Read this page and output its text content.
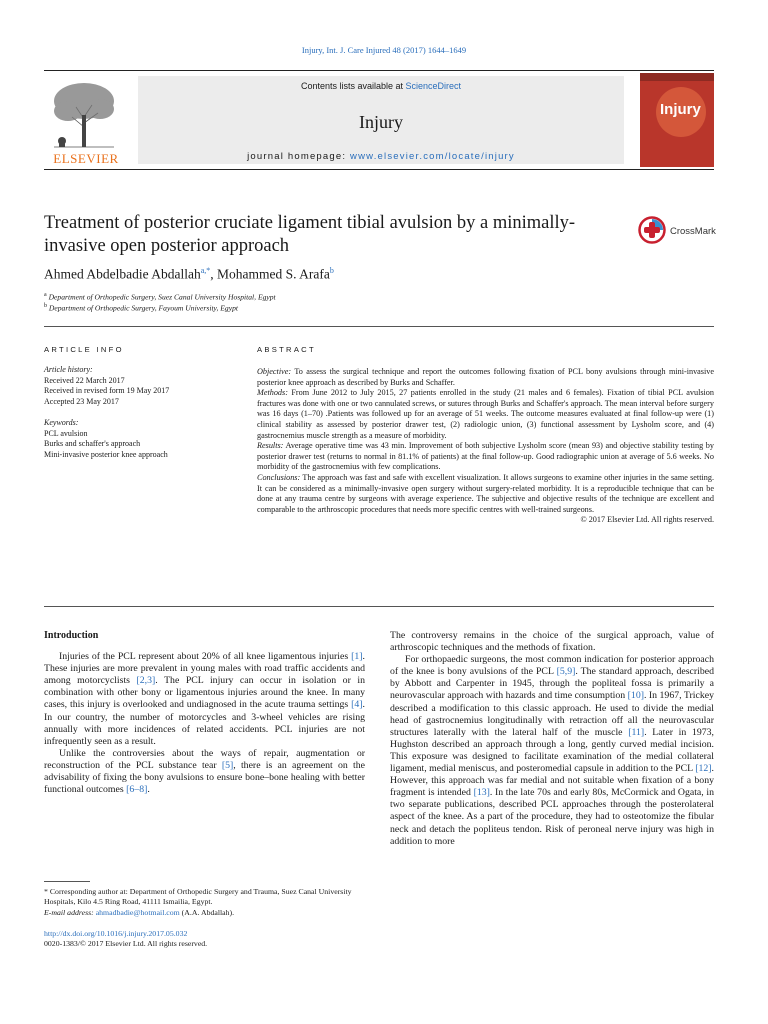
Injury, Int. J. Care Injured 48 (2017) 1644–1649
ELSEVIER
Contents lists available at ScienceDirect
Injury
journal homepage: www.elsevier.com/locate/injury
Injury
Treatment of posterior cruciate ligament tibial avulsion by a minimally-invasive open posterior approach
CrossMark
Ahmed Abdelbadie Abdallah$^{a,*}$, Mohammed S. Arafa$^b$
$^a$ Department of Orthopedic Surgery, Suez Canal University Hospital, Egypt
$^b$ Department of Orthopedic Surgery, Fayoum University, Egypt
ARTICLE INFO	ABSTRACT
Article history:
Received 22 March 2017
Received in revised form 19 May 2017
Accepted 23 May 2017
Keywords:
PCL avulsion
Burks and schaffer's approach
Mini-invasive posterior knee approach

Objective: To assess the surgical technique and report the outcomes following fixation of PCL bony avulsions through mini-invasive posterior knee approach as described by Burks and Schaffer.

Methods: From June 2012 to July 2015, 27 patients enrolled in the study (21 males and 6 females). Fixation of tibial PCL avulsion fractures was done with one or two cannulated screws, or sutures through Burks and Schaffer's approach. The mean interval before surgery was 16 days (1–70) .Patients was followed up for an average of 51 weeks. The outcome measures evaluated at final follow-up were (1) clinical stability as assessed by posterior drawer test, (2) radiologic union, (3) functional assessment by Lysholm score, and (4) gastrocnemius muscle strength as a measure of morbidity.

Results: Average operative time was 43 min. Improvement of both subjective Lysholm score (mean 93) and objective stability testing by posterior drawer test (returns to normal in 81.1% of patients) at the final follow-up. Good radiographic union at average of 5.6 weeks. No morbidity of the gastrocnemius with few complications.

Conclusions: The approach was fast and safe with excellent visualization. It allows surgeons to examine other injuries in the same setting. It can be considered as a minimally-invasive open surgery without surgery-related morbidity. It is a reproducible technique that can be done at any trauma centre by surgeons with average experience. The subjective and objective results of the technique are excellent and comparable to the arthroscopic procedures that needs more specific centres with well-trained surgeons.

© 2017 Elsevier Ltd. All rights reserved.

Introduction

Injuries of the PCL represent about 20% of all knee ligamentous injuries [1]. These injuries are more prevalent in young males with road traffic accidents and among motorcyclists [2,3]. The PCL injury can occur in isolation or in combination with other bony or ligamentous injuries around the knee. In many cases, this injury is overlooked and undiagnosed in the acute trauma settings [4]. In our country, the number of motorcycles and 3-wheel vehicles are rising annually with more incidences of related accidents. PCL injuries are not infrequently seen as a result.

Unlike the controversies about the ways of repair, augmentation or reconstruction of the PCL substance tear [5], there is an agreement on the advisability of fixing the bony avulsions to ensure bone–bone healing with better functional outcomes [6–8].

The controversy remains in the choice of the surgical approach, value of arthroscopic techniques and the methods of fixation.

For orthopaedic surgeons, the most common indication for posterior approach of the knee is bony avulsions of the PCL [5,9]. The standard approach, described by Abbott and Carpenter in 1945, through the popliteal fossa is primarily a neurovascular approach with hazards and time consumption [10]. In 1967, Trickey described a modification to this classic approach. He used to divide the medial head of gastrocnemius longitudinally with retraction off all the neurovascular structures laterally with the lateral half of the muscle [11]. Later in 1973, Hughston described an approach through a long, gently curved medial incision. This exposure was designed to facilitate examination of the medial collateral ligament, medial meniscus, and posteromedial capsule in addition to the PCL [12]. However, this approach was far medial and not suitable when fixation of a bony fragment is intended [13]. In the late 70s and early 80s, McCormick and Ogata, in two separate publications, described PCL approaches through the posterolateral aspect of the knee. As a part of the procedure, they had to osteotomize the fibular neck and detach the popliteus tendon. Risk of peroneal nerve injury was high in addition to more

* Corresponding author at: Department of Orthopedic Surgery and Trauma, Suez Canal University Hospitals, Kilo 4.5 Ring Road, 41111 Ismailia, Egypt.
E-mail address: ahmadbadie@hotmail.com (A.A. Abdallah).
http://dx.doi.org/10.1016/j.injury.2017.05.032
0020-1383/© 2017 Elsevier Ltd. All rights reserved.
